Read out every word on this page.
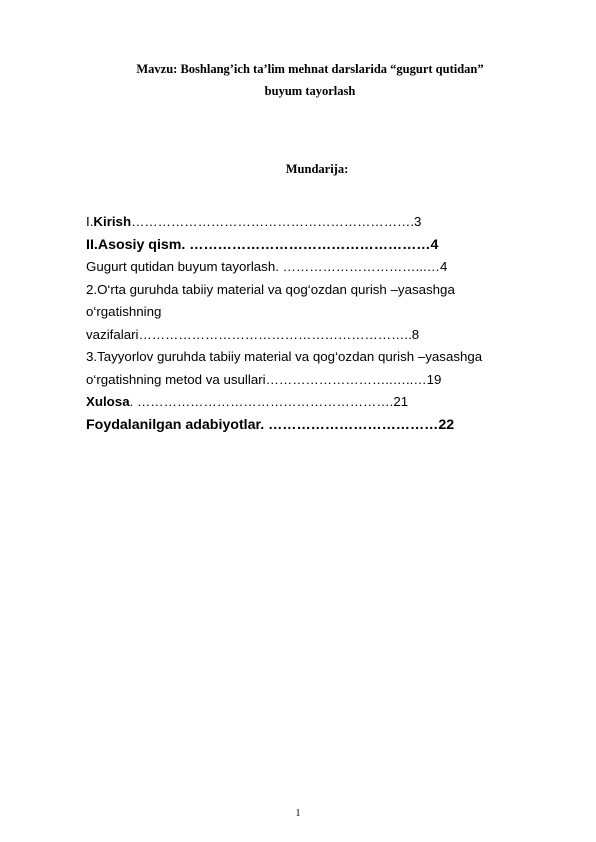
Mavzu: Boshlang’ich ta’lim mehnat darslarida “gugurt qutidan”
buyum tayorlash
Mundarija:
I.Kirish……………………………………………………….3
II.Asosiy qism. ……………………………………………4
Gugurt qutidan buyum tayorlash. …………………………...…4
2.O‘rta guruhda tabiiy material va qog‘ozdan qurish –yasashga
o‘rgatishning
vazifalari……………………………………………………..8
3.Tayyorlov guruhda tabiiy material va qog‘ozdan qurish –yasashga
o‘rgatishning metod va usullari………………………..…..…19
Xulosa. ………………………………………………….21
Foydalanilgan adabiyotlar. ………………………………22
1
